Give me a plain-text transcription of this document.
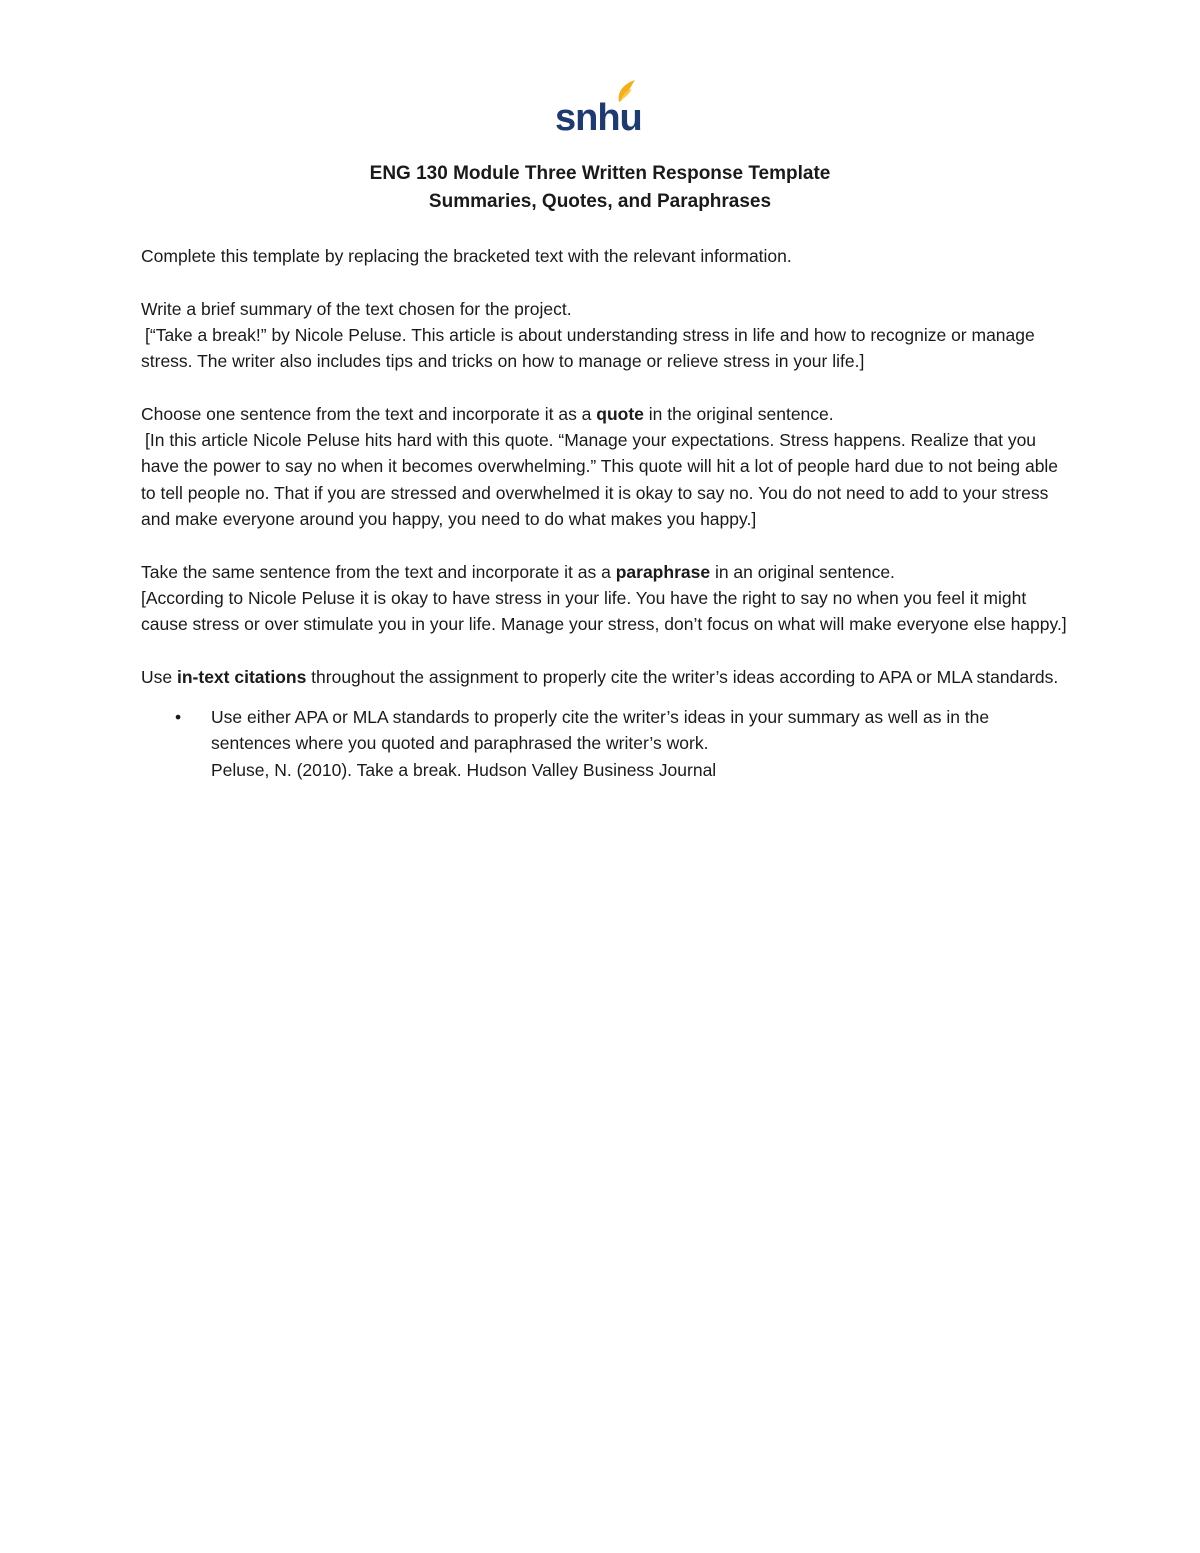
snhu

ENG 130 Module Three Written Response Template

Summaries, Quotes, and Paraphrases

Complete this template by replacing the bracketed text with the relevant information.

Write a brief summary of the text chosen for the project.

[“Take a break!” by Nicole Peluse. This article is about understanding stress in life and how to recognize or manage stress. The writer also includes tips and tricks on how to manage or relieve stress in your life.]

Choose one sentence from the text and incorporate it as a quote in the original sentence.

[In this article Nicole Peluse hits hard with this quote. “Manage your expectations. Stress happens. Realize that you have the power to say no when it becomes overwhelming.” This quote will hit a lot of people hard due to not being able to tell people no. That if you are stressed and overwhelmed it is okay to say no. You do not need to add to your stress and make everyone around you happy, you need to do what makes you happy.]

Take the same sentence from the text and incorporate it as a paraphrase in an original sentence.

[According to Nicole Peluse it is okay to have stress in your life. You have the right to say no when you feel it might cause stress or over stimulate you in your life. Manage your stress, don’t focus on what will make everyone else happy.]

Use in-text citations throughout the assignment to properly cite the writer’s ideas according to APA or MLA standards.

• Use either APA or MLA standards to properly cite the writer’s ideas in your summary as well as in the sentences where you quoted and paraphrased the writer’s work.

Peluse, N. (2010). Take a break. Hudson Valley Business Journal
